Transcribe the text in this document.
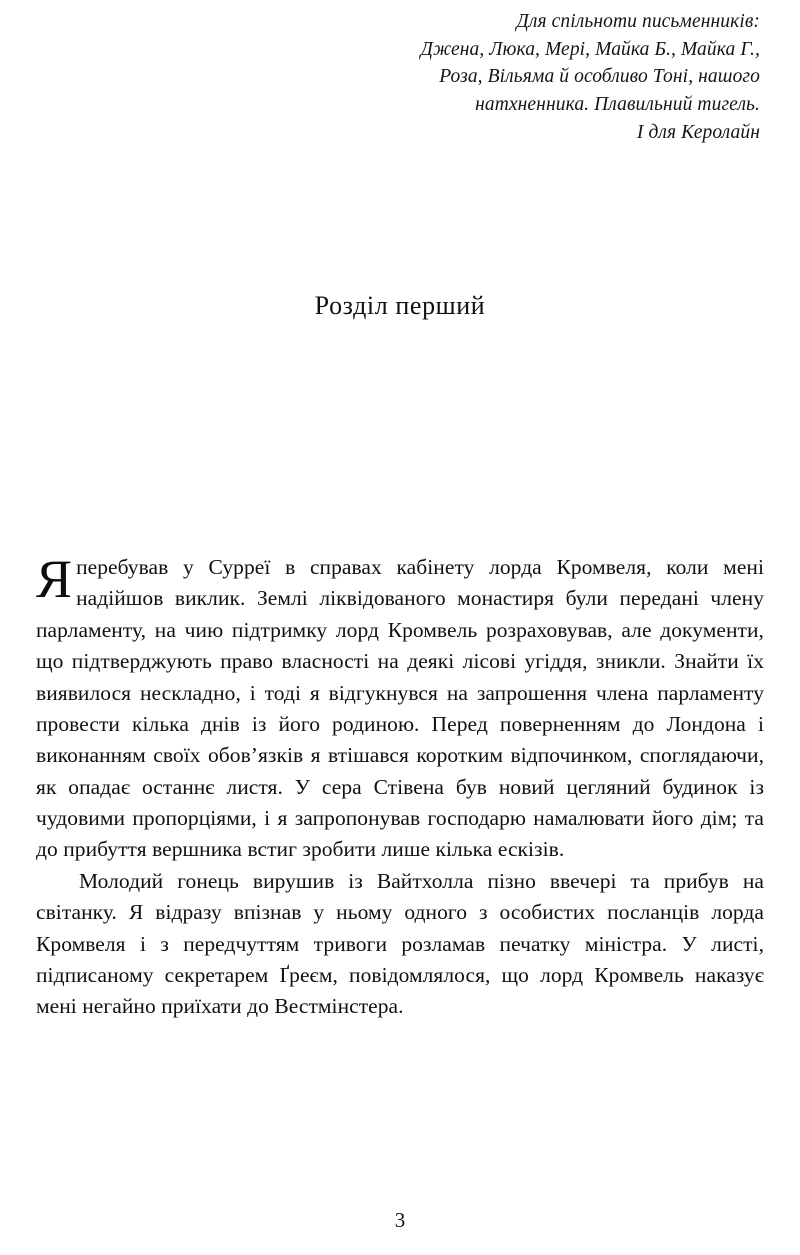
Для спільноти письменників:
Джена, Люка, Мері, Майка Б., Майка Г.,
Роза, Вільяма й особливо Тоні, нашого
натхненника. Плавильний тигель.
І для Керолайн
Розділ перший

Яперебував у Сурреї в справах кабінету лорда Кромвеля, коли мені надійшов виклик. Землі ліквідованого монастиря були передані члену парламенту, на чию підтримку лорд Кромвель розраховував, але документи, що підтверджують право власності на деякі лісові угіддя, зникли. Знайти їх виявилося нескладно, і тоді я відгукнувся на запрошення члена парламенту провести кілька днів із його родиною. Перед поверненням до Лондона і виконанням своїх обов’язків я втішався коротким відпочинком, споглядаючи, як опадає останнє листя. У сера Стівена був новий цегляний будинок із чудовими пропорціями, і я запропонував господарю намалювати його дім; та до прибуття вершника встиг зробити лише кілька ескізів.

Молодий гонець вирушив із Вайтхолла пізно ввечері та прибув на світанку. Я відразу впізнав у ньому одного з особистих посланців лорда Кромвеля і з передчуттям тривоги розламав печатку міністра. У листі, підписаному секретарем Ґреєм, повідомлялося, що лорд Кромвель наказує мені негайно приїхати до Вестмінстера.

3
